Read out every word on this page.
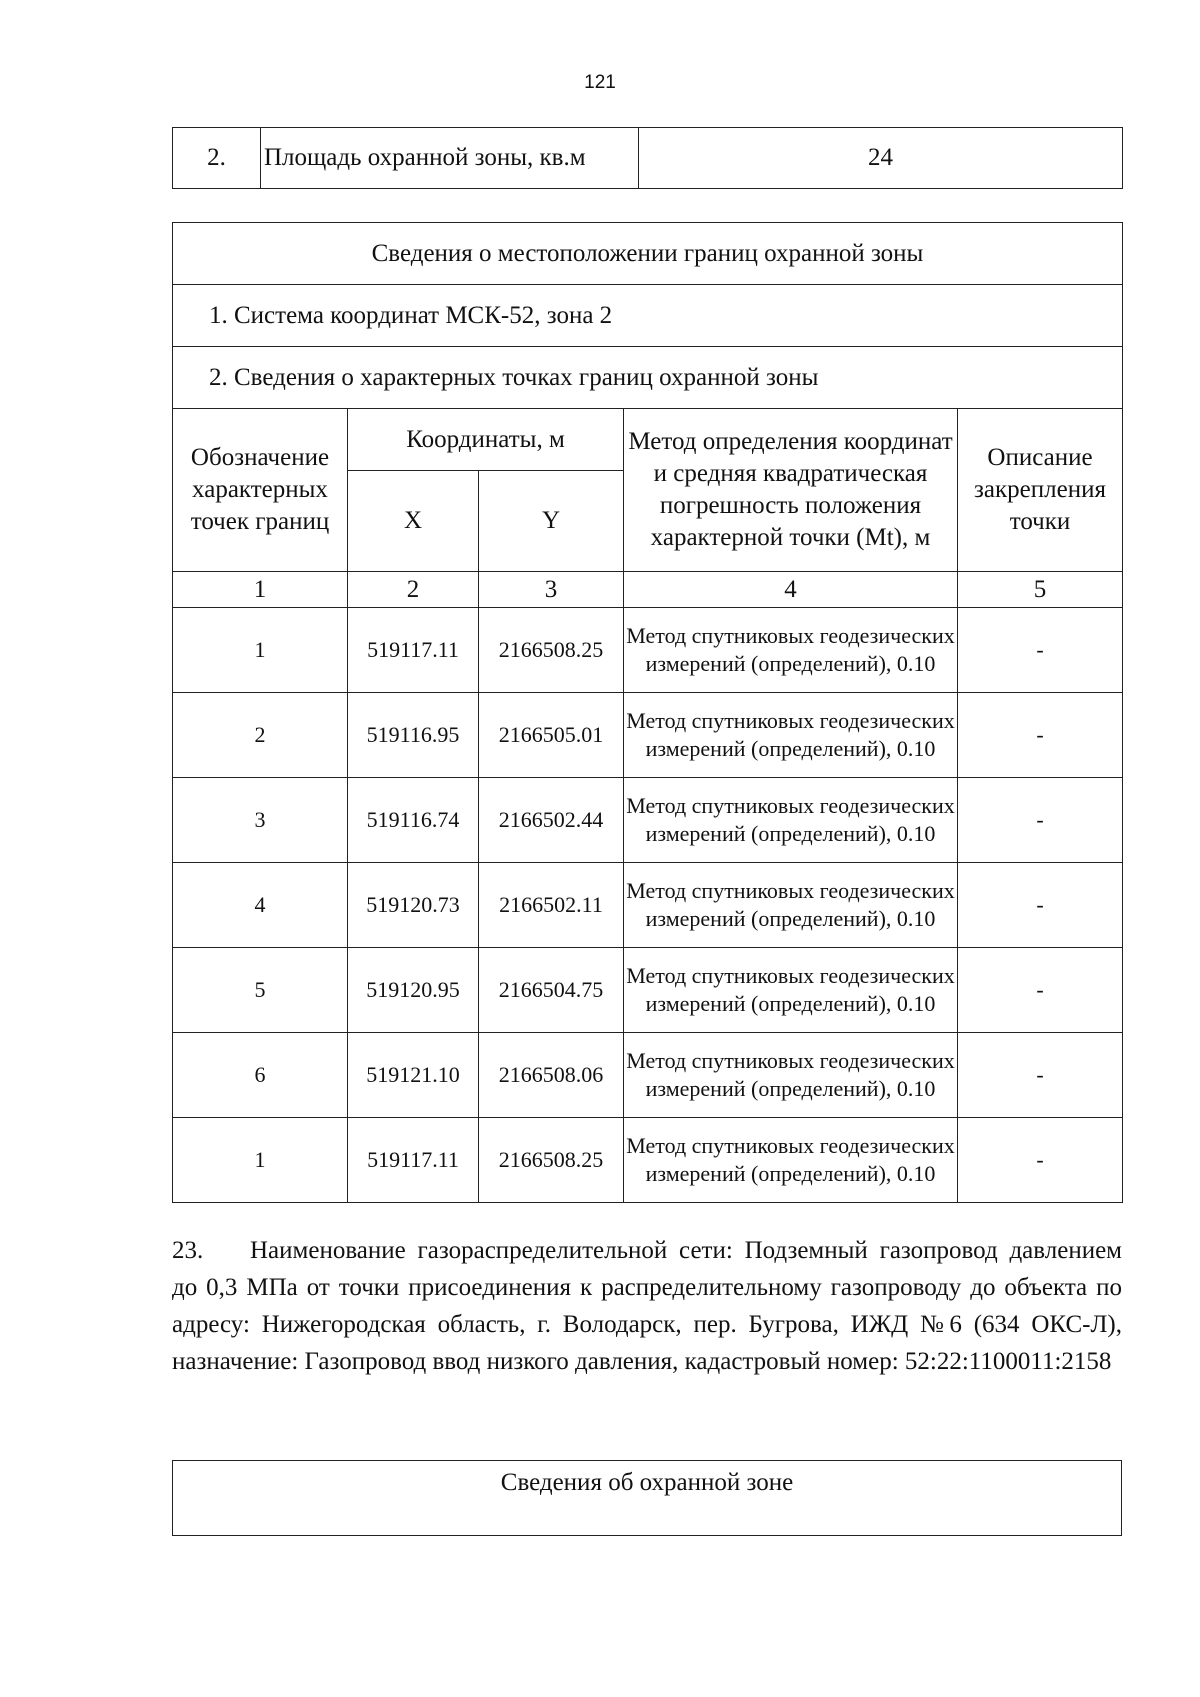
121
2.	Площадь охранной зоны, кв.м	24
Сведения о местоположении границ охранной зоны				
1. Система координат МСК-52, зона 2				
2. Сведения о характерных точках границ охранной зоны				
Обозначение характерных точек границ	Координаты, м		Метод определения координат и средняя квадратическая погрешность положения характерной точки (Mt), м	Описание закрепления точки
	X	Y		
1	2	3	4	5
1	519117.11	2166508.25	Метод спутниковых геодезических измерений (определений), 0.10	-
2	519116.95	2166505.01	Метод спутниковых геодезических измерений (определений), 0.10	-
3	519116.74	2166502.44	Метод спутниковых геодезических измерений (определений), 0.10	-
4	519120.73	2166502.11	Метод спутниковых геодезических измерений (определений), 0.10	-
5	519120.95	2166504.75	Метод спутниковых геодезических измерений (определений), 0.10	-
6	519121.10	2166508.06	Метод спутниковых геодезических измерений (определений), 0.10	-
1	519117.11	2166508.25	Метод спутниковых геодезических измерений (определений), 0.10	-

23. Наименование газораспределительной сети: Подземный газопровод давлением до 0,3 МПа от точки присоединения к распределительному газопроводу до объекта по адресу: Нижегородская область, г. Володарск, пер. Бугрова, ИЖД №6 (634 ОКС-Л), назначение: Газопровод ввод низкого давления, кадастровый номер: 52:22:1100011:2158

Сведения об охранной зоне
